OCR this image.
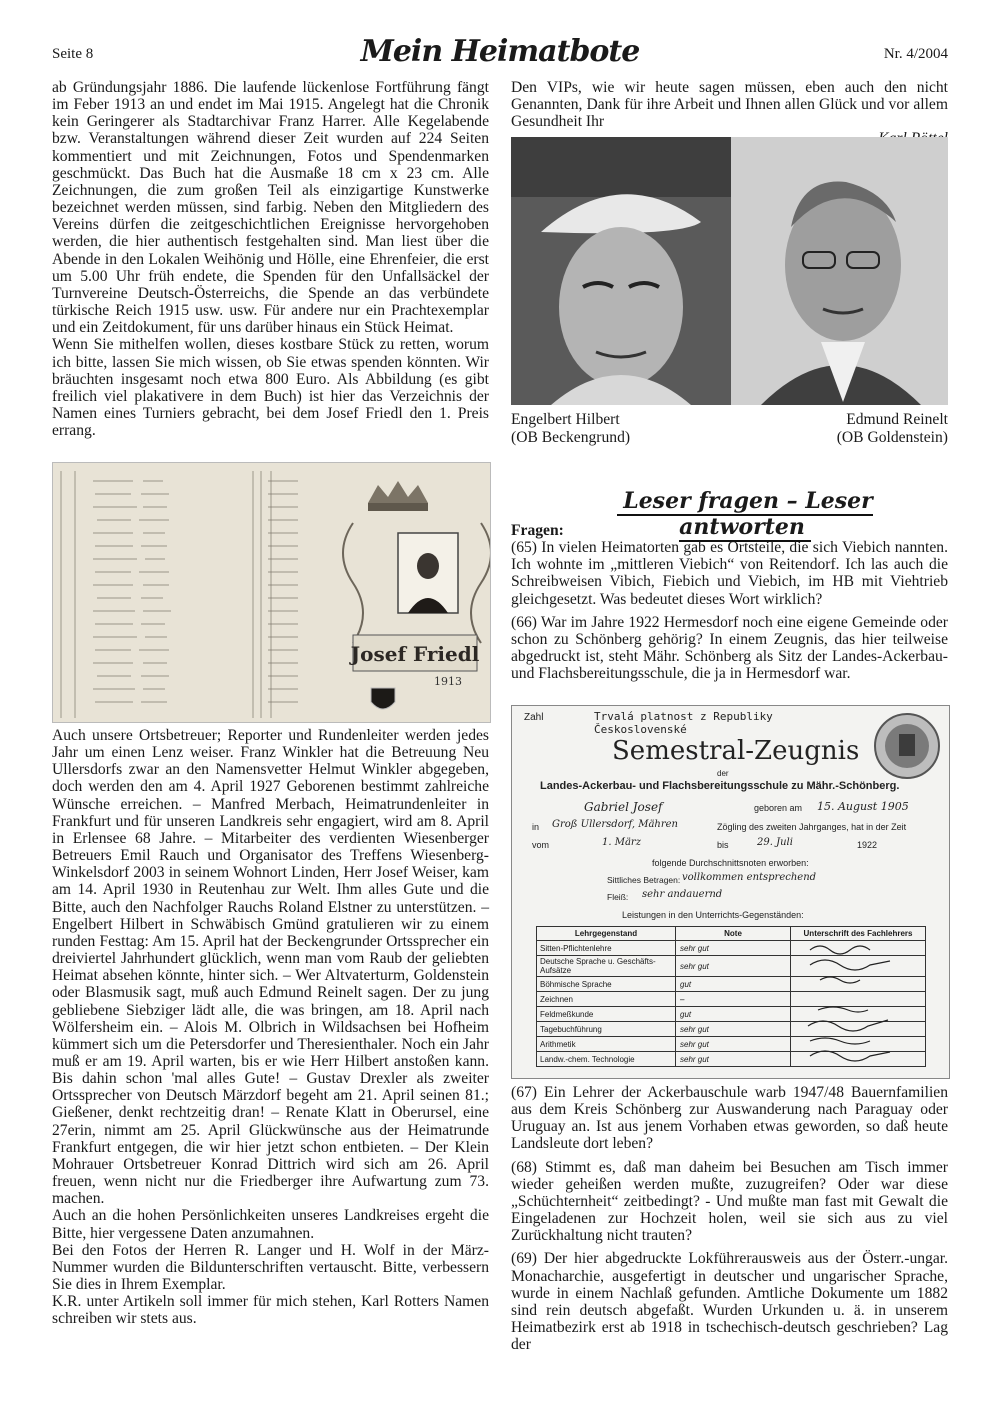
Seite 8	Mein Heimatbote	Nr. 4/2004

ab Gründungsjahr 1886. Die laufende lückenlose Fortführung fängt im Feber 1913 an und endet im Mai 1915. Angelegt hat die Chronik kein Geringerer als Stadtarchivar Franz Harrer. Alle Kegelabende bzw. Veranstaltungen während dieser Zeit wurden auf 224 Seiten kommentiert und mit Zeichnungen, Fotos und Spendenmarken geschmückt. Das Buch hat die Ausmaße 18 cm x 23 cm. Alle Zeichnungen, die zum großen Teil als einzigartige Kunstwerke bezeichnet werden müssen, sind farbig. Neben den Mitgliedern des Vereins dürfen die zeitgeschichtlichen Ereignisse hervorgehoben werden, die hier authentisch festgehalten sind. Man liest über die Abende in den Lokalen Weihönig und Hölle, eine Ehrenfeier, die erst um 5.00 Uhr früh endete, die Spenden für den Unfallsäckel der Turnvereine Deutsch-Österreichs, die Spende an das verbündete türkische Reich 1915 usw. usw. Für andere nur ein Prachtexemplar und ein Zeitdokument, für uns darüber hinaus ein Stück Heimat.

Wenn Sie mithelfen wollen, dieses kostbare Stück zu retten, worum ich bitte, lassen Sie mich wissen, ob Sie etwas spenden könnten. Wir bräuchten insgesamt noch etwa 800 Euro. Als Abbildung (es gibt freilich viel plakativere in dem Buch) ist hier das Verzeichnis der Namen eines Turniers gebracht, bei dem Josef Friedl den 1. Preis errang.

Josef Friedl
1913

Auch unsere Ortsbetreuer; Reporter und Rundenleiter werden jedes Jahr um einen Lenz weiser. Franz Winkler hat die Betreuung Neu Ullersdorfs zwar an den Namensvetter Helmut Winkler abgegeben, doch werden den am 4. April 1927 Geborenen bestimmt zahlreiche Wünsche erreichen. – Manfred Merbach, Heimatrundenleiter in Frankfurt und für unseren Landkreis sehr engagiert, wird am 8. April in Erlensee 68 Jahre. – Mitarbeiter des verdienten Wiesenberger Betreuers Emil Rauch und Organisator des Treffens Wiesenberg-Winkelsdorf 2003 in seinem Wohnort Linden, Herr Josef Weiser, kam am 14. April 1930 in Reutenhau zur Welt. Ihm alles Gute und die Bitte, auch den Nachfolger Rauchs Roland Elstner zu unterstützen. – Engelbert Hilbert in Schwäbisch Gmünd gratulieren wir zu einem runden Festtag: Am 15. April hat der Beckengrunder Ortssprecher ein dreiviertel Jahrhundert glücklich, wenn man vom Raub der geliebten Heimat absehen könnte, hinter sich. – Wer Altvaterturm, Goldenstein oder Blasmusik sagt, muß auch Edmund Reinelt sagen. Der zu jung gebliebene Siebziger lädt alle, die was bringen, am 18. April nach Wölfersheim ein. – Alois M. Olbrich in Wildsachsen bei Hofheim kümmert sich um die Petersdorfer und Theresienthaler. Noch ein Jahr muß er am 19. April warten, bis er wie Herr Hilbert anstoßen kann. Bis dahin schon 'mal alles Gute! – Gustav Drexler als zweiter Ortssprecher von Deutsch Märzdorf begeht am 21. April seinen 81.; Gießener, denkt rechtzeitig dran! – Renate Klatt in Oberursel, eine 27erin, nimmt am 25. April Glückwünsche aus der Heimatrunde Frankfurt entgegen, die wir hier jetzt schon entbieten. – Der Klein Mohrauer Ortsbetreuer Konrad Dittrich wird sich am 26. April freuen, wenn nicht nur die Friedberger ihre Aufwartung zum 73. machen.

Auch an die hohen Persönlichkeiten unseres Landkreises ergeht die Bitte, hier vergessene Daten anzumahnen.

Bei den Fotos der Herren R. Langer und H. Wolf in der März-Nummer wurden die Bildunterschriften vertauscht. Bitte, verbessern Sie dies in Ihrem Exemplar.

K.R. unter Artikeln soll immer für mich stehen, Karl Rotters Namen schreiben wir stets aus.

Den VIPs, wie wir heute sagen müssen, eben auch den nicht Genannten, Dank für ihre Arbeit und Ihnen allen Glück und vor allem Gesundheit Ihr

Engelbert Hilbert
(OB Beckengrund)
Edmund Reinelt
(OB Goldenstein)
Leser fragen – Leser antworten

Fragen:

(65) In vielen Heimatorten gab es Ortsteile, die sich Viebich nannten. Ich wohnte im „mittleren Viebich“ von Reitendorf. Ich las auch die Schreibweisen Vibich, Fiebich und Viebich, im HB mit Viehtrieb gleichgesetzt. Was bedeutet dieses Wort wirklich?

(66) War im Jahre 1922 Hermesdorf noch eine eigene Gemeinde oder schon zu Schönberg gehörig? In einem Zeugnis, das hier teilweise abgedruckt ist, steht Mähr. Schönberg als Sitz der Landes-Ackerbau- und Flachsbereitungsschule, die ja in Hermesdorf war.

Zahl	Trvalá platnost z Republiky Československé
Semestral-Zeugnis
der
Landes-Ackerbau- und Flachsbereitungsschule zu Mähr.-Schönberg.
Gabriel Josef	geboren am 15. August 1905
in Groß Ullersdorf, Mähren	Zögling des zweiten Jahrganges, hat in der Zeit
vom	1. März	bis	29. Juli	1922
folgende Durchschnittsnoten erworben:
Sittliches Betragen: vollkommen entsprechend
Fleiß: sehr andauernd
Leistungen in den Unterrichts-Gegenständen:
Lehrgegenstand	Note	Unterschrift des Fachlehrers
Sitten-Pflichtenlehre	sehr gut	
Deutsche Sprache u. Geschäfts-Aufsätze	sehr gut	
Böhmische Sprache	gut	
Zeichnen	–	
Feldmeßkunde	gut	
Tagebuchführung	sehr gut	
Arithmetik	sehr gut	
Landw.-chem. Technologie	sehr gut	

(67) Ein Lehrer der Ackerbauschule warb 1947/48 Bauernfamilien aus dem Kreis Schönberg zur Auswanderung nach Paraguay oder Uruguay an. Ist aus jenem Vorhaben etwas geworden, so daß heute Landsleute dort leben?

(68) Stimmt es, daß man daheim bei Besuchen am Tisch immer wieder geheißen werden mußte, zuzugreifen? Oder war diese „Schüchternheit“ zeitbedingt? - Und mußte man fast mit Gewalt die Eingeladenen zur Hochzeit holen, weil sie sich aus zu viel Zurückhaltung nicht trauten?

(69) Der hier abgedruckte Lokführerausweis aus der Österr.-ungar. Monacharchie, ausgefertigt in deutscher und ungarischer Sprache, wurde in einem Nachlaß gefunden. Amtliche Dokumente um 1882 sind rein deutsch abgefaßt. Wurden Urkunden u. ä. in unserem Heimatbezirk erst ab 1918 in tschechisch-deutsch geschrieben? Lag der
